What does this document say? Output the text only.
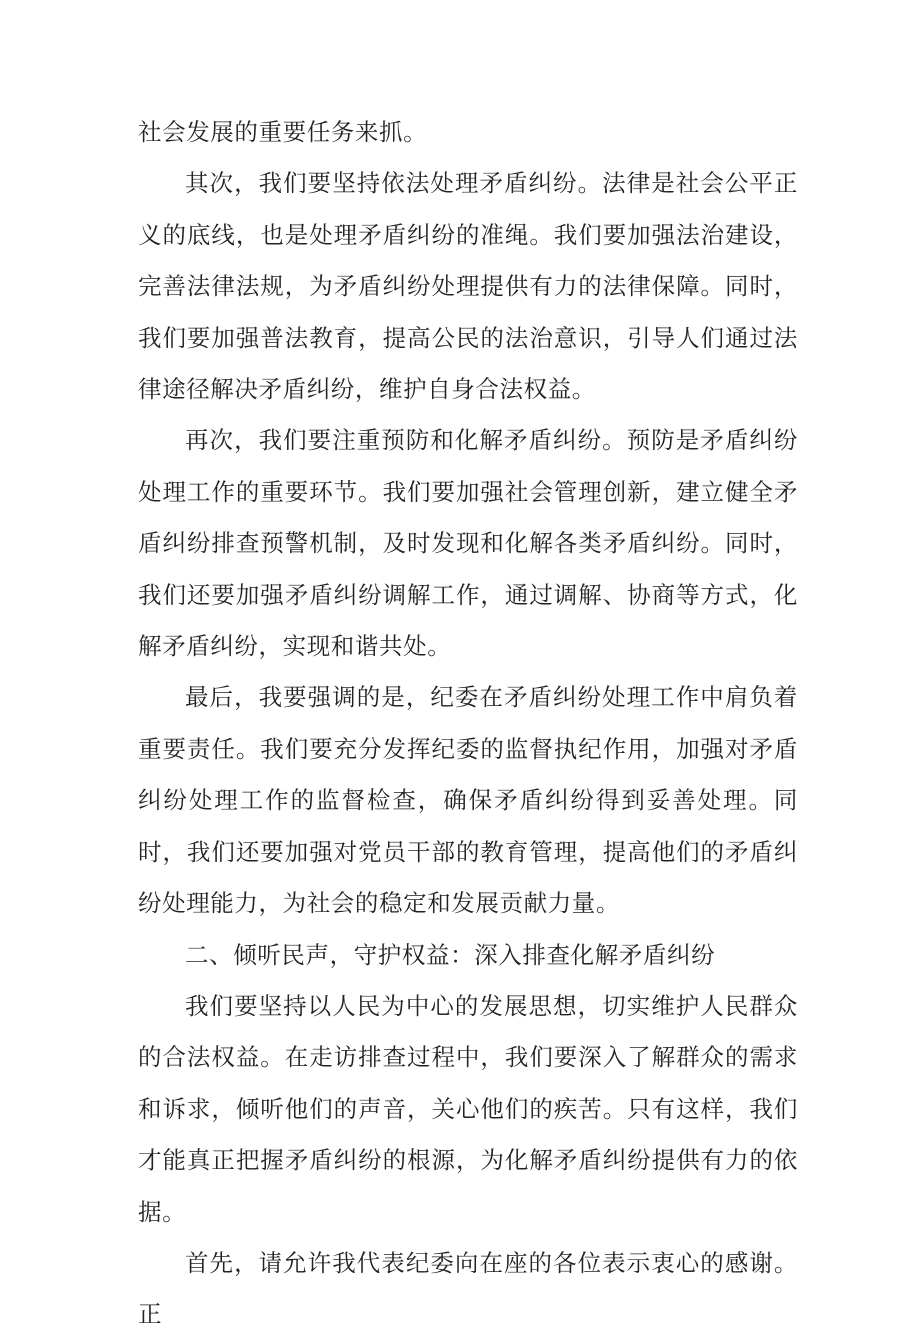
社会发展的重要任务来抓。

其次，我们要坚持依法处理矛盾纠纷。法律是社会公平正义的底线，也是处理矛盾纠纷的准绳。我们要加强法治建设，完善法律法规，为矛盾纠纷处理提供有力的法律保障。同时，我们要加强普法教育，提高公民的法治意识，引导人们通过法律途径解决矛盾纠纷，维护自身合法权益。

再次，我们要注重预防和化解矛盾纠纷。预防是矛盾纠纷处理工作的重要环节。我们要加强社会管理创新，建立健全矛盾纠纷排查预警机制，及时发现和化解各类矛盾纠纷。同时，我们还要加强矛盾纠纷调解工作，通过调解、协商等方式，化解矛盾纠纷，实现和谐共处。

最后，我要强调的是，纪委在矛盾纠纷处理工作中肩负着重要责任。我们要充分发挥纪委的监督执纪作用，加强对矛盾纠纷处理工作的监督检查，确保矛盾纠纷得到妥善处理。同时，我们还要加强对党员干部的教育管理，提高他们的矛盾纠纷处理能力，为社会的稳定和发展贡献力量。

二、倾听民声，守护权益：深入排查化解矛盾纠纷

我们要坚持以人民为中心的发展思想，切实维护人民群众的合法权益。在走访排查过程中，我们要深入了解群众的需求和诉求，倾听他们的声音，关心他们的疾苦。只有这样，我们才能真正把握矛盾纠纷的根源，为化解矛盾纠纷提供有力的依据。

首先，请允许我代表纪委向在座的各位表示衷心的感谢。正
